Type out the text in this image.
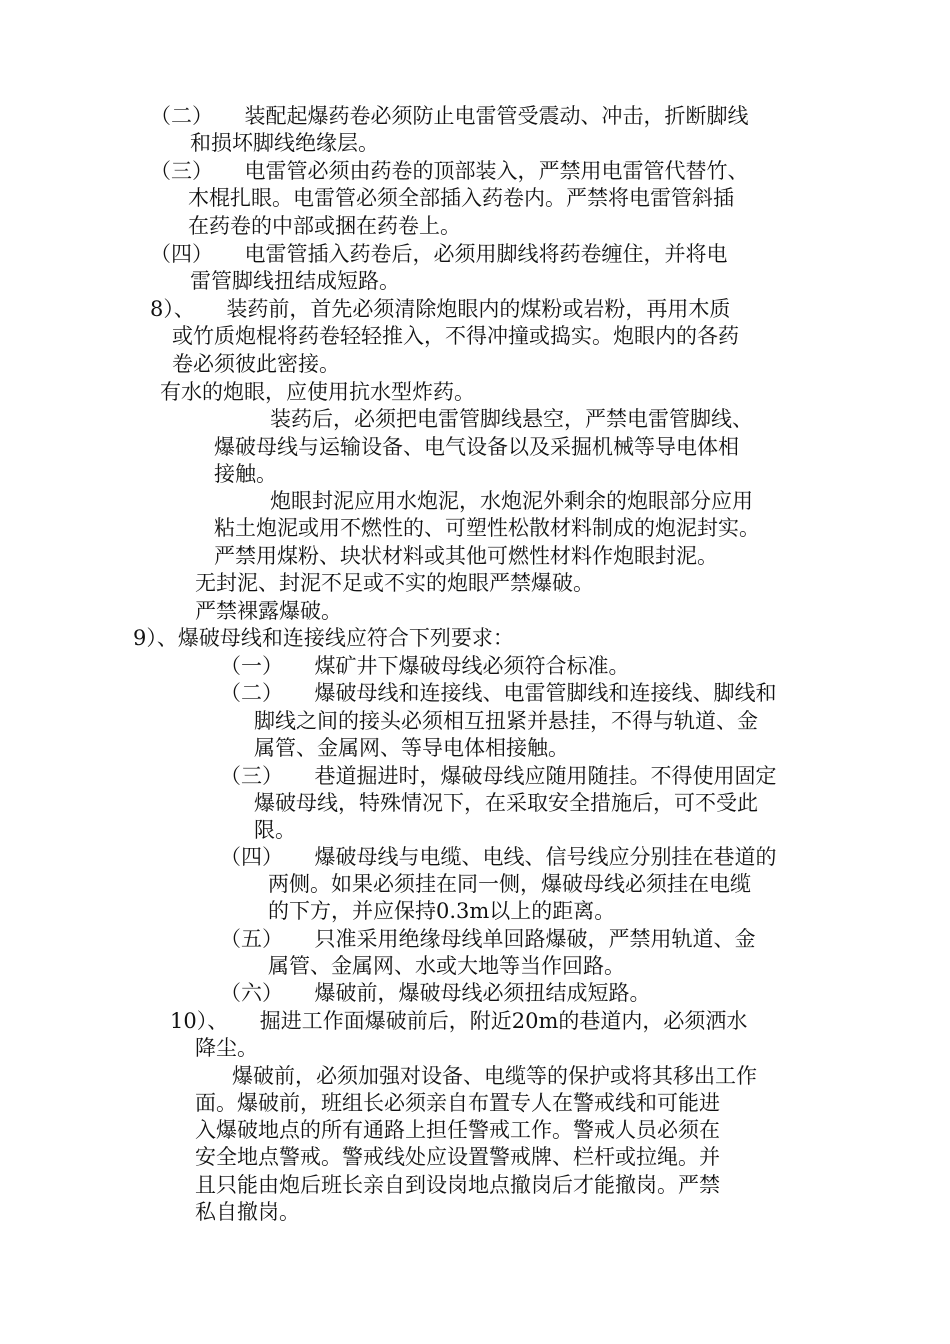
（二）　　装配起爆药卷必须防止电雷管受震动、冲击，折断脚线
和损坏脚线绝缘层。
（三）　　电雷管必须由药卷的顶部装入，严禁用电雷管代替竹、
木棍扎眼。电雷管必须全部插入药卷内。严禁将电雷管斜插
在药卷的中部或捆在药卷上。
（四）　　电雷管插入药卷后，必须用脚线将药卷缠住，并将电
雷管脚线扭结成短路。
8）、　　装药前，首先必须清除炮眼内的煤粉或岩粉，再用木质
或竹质炮棍将药卷轻轻推入，不得冲撞或捣实。炮眼内的各药
卷必须彼此密接。
有水的炮眼，应使用抗水型炸药。
装药后，必须把电雷管脚线悬空，严禁电雷管脚线、
爆破母线与运输设备、电气设备以及采掘机械等导电体相
接触。
炮眼封泥应用水炮泥，水炮泥外剩余的炮眼部分应用
粘土炮泥或用不燃性的、可塑性松散材料制成的炮泥封实。
严禁用煤粉、块状材料或其他可燃性材料作炮眼封泥。
无封泥、封泥不足或不实的炮眼严禁爆破。
严禁裸露爆破。
9）、爆破母线和连接线应符合下列要求：
（一）　　煤矿井下爆破母线必须符合标准。
（二）　　爆破母线和连接线、电雷管脚线和连接线、脚线和
脚线之间的接头必须相互扭紧并悬挂，不得与轨道、金
属管、金属网、等导电体相接触。
（三）　　巷道掘进时，爆破母线应随用随挂。不得使用固定
爆破母线，特殊情况下，在采取安全措施后，可不受此
限。
（四）　　爆破母线与电缆、电线、信号线应分别挂在巷道的
两侧。如果必须挂在同一侧，爆破母线必须挂在电缆
的下方，并应保持0.3m以上的距离。
（五）　　只准采用绝缘母线单回路爆破，严禁用轨道、金
属管、金属网、水或大地等当作回路。
（六）　　爆破前，爆破母线必须扭结成短路。
10）、　　掘进工作面爆破前后，附近20m的巷道内，必须洒水
降尘。
爆破前，必须加强对设备、电缆等的保护或将其移出工作
面。爆破前，班组长必须亲自布置专人在警戒线和可能进
入爆破地点的所有通路上担任警戒工作。警戒人员必须在
安全地点警戒。警戒线处应设置警戒牌、栏杆或拉绳。并
且只能由炮后班长亲自到设岗地点撤岗后才能撤岗。严禁
私自撤岗。
